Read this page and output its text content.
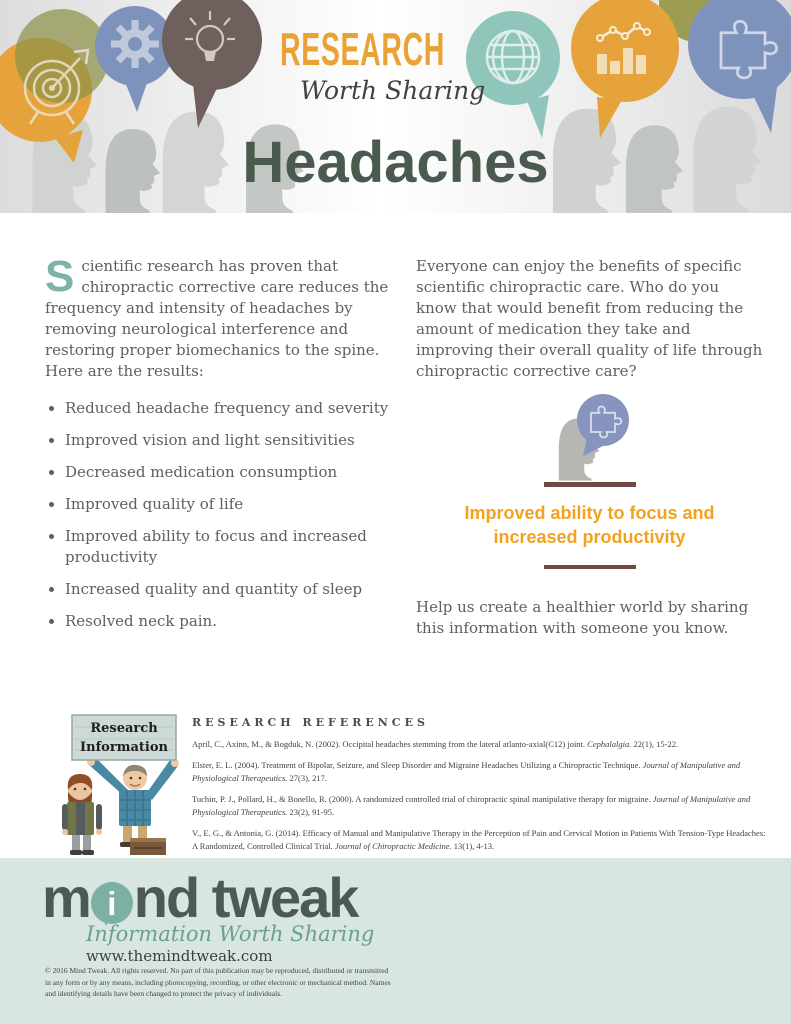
RESEARCH
Worth Sharing
Headaches

Scientific research has proven that chiropractic corrective care reduces the frequency and intensity of headaches by removing neurological interference and restoring proper biomechanics to the spine. Here are the results:

• Reduced headache frequency and severity
• Improved vision and light sensitivities
• Decreased medication consumption
• Improved quality of life
• Improved ability to focus and increased productivity
• Increased quality and quantity of sleep
• Resolved neck pain.

Everyone can enjoy the benefits of specific scientific chiropractic care. Who do you know that would benefit from reducing the amount of medication they take and improving their overall quality of life through chiropractic corrective care?

Improved ability to focus and increased productivity

Help us create a healthier world by sharing this information with someone you know.

RESEARCH REFERENCES

April, C., Axinn, M., & Bogduk, N. (2002). Occipital headaches stemming from the lateral atlanto-axial(C12) joint. Cephalalgia. 22(1), 15-22.

Elster, E. L. (2004). Treatment of Bipolar, Seizure, and Sleep Disorder and Migraine Headaches Utilizing a Chiropractic Technique. Journal of Manipulative and Physiological Therapeutics. 27(3), 217.

Tuchin, P. J., Pollard, H., & Bonello, R. (2000). A randomized controlled trial of chiropractic spinal manipulative therapy for migraine. Journal of Manipulative and Physiological Therapeutics. 23(2), 91-95.

V., E. G., & Antonia, G. (2014). Efficacy of Manual and Manipulative Therapy in the Perception of Pain and Cervical Motion in Patients With Tension-Type Headaches: A Randomized, Controlled Clinical Trial. Journal of Chiropractic Medicine. 13(1), 4-13.

Research
Information
m i nd tweak
Information Worth Sharing
www.themindtweak.com
© 2016 Mind Tweak. All rights reserved. No part of this publication may be reproduced, distributed or transmitted in any form or by any means, including photocopying, recording, or other electronic or mechanical method. Names and identifying details have been changed to protect the privacy of individuals.
